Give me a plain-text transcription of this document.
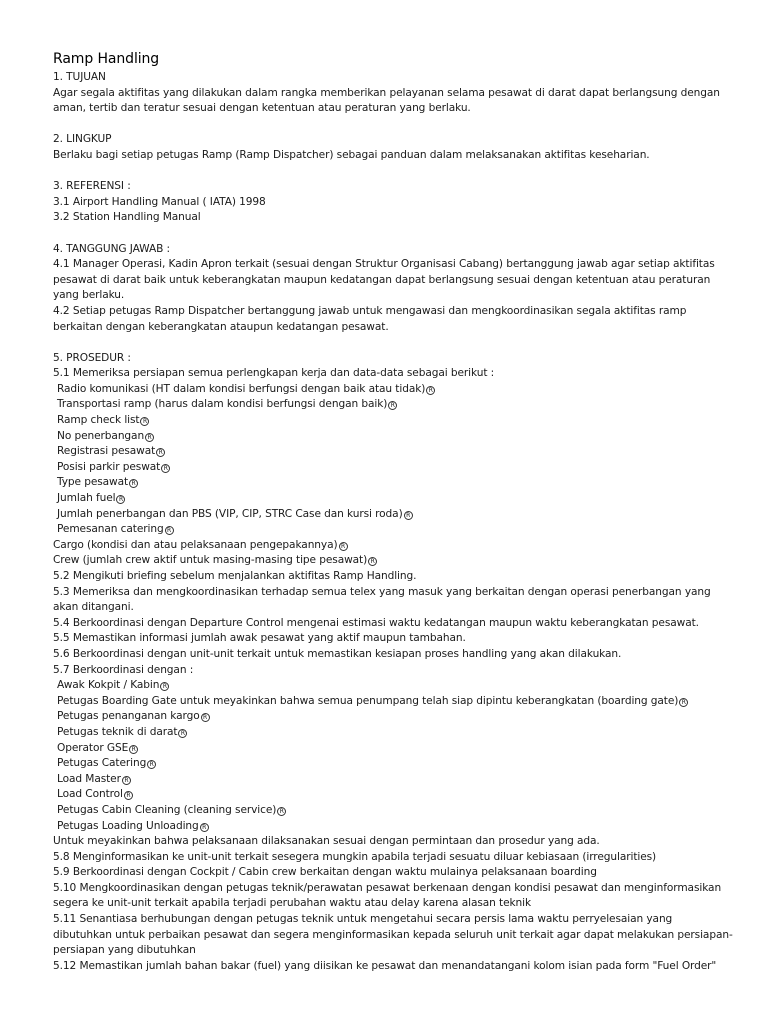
Ramp Handling
1. TUJUAN
Agar segala aktifitas yang dilakukan dalam rangka memberikan pelayanan selama pesawat di darat dapat berlangsung dengan aman, tertib dan teratur sesuai dengan ketentuan atau peraturan yang berlaku.
2. LINGKUP
Berlaku bagi setiap petugas Ramp (Ramp Dispatcher) sebagai panduan dalam melaksanakan aktifitas keseharian.
3. REFERENSI :
3.1 Airport Handling Manual ( IATA) 1998
3.2 Station Handling Manual
4. TANGGUNG JAWAB :
4.1 Manager Operasi, Kadin Apron terkait (sesuai dengan Struktur Organisasi Cabang) bertanggung jawab agar setiap aktifitas pesawat di darat baik untuk keberangkatan maupun kedatangan dapat berlangsung sesuai dengan ketentuan atau peraturan yang berlaku.
4.2 Setiap petugas Ramp Dispatcher bertanggung jawab untuk mengawasi dan mengkoordinasikan segala aktifitas ramp berkaitan dengan keberangkatan ataupun kedatangan pesawat.
5. PROSEDUR :
5.1 Memeriksa persiapan semua perlengkapan kerja dan data-data sebagai berikut :
Radio komunikasi (HT dalam kondisi berfungsi dengan baik atau tidak)R
Transportasi ramp (harus dalam kondisi berfungsi dengan baik)R
Ramp check listR
No penerbanganR
Registrasi pesawatR
Posisi parkir peswatR
Type pesawatR
Jumlah fuelR
Jumlah penerbangan dan PBS (VIP, CIP, STRC Case dan kursi roda)R
Pemesanan cateringR
Cargo (kondisi dan atau pelaksanaan pengepakannya)R
Crew (jumlah crew aktif untuk masing-masing tipe pesawat)R
5.2 Mengikuti briefing sebelum menjalankan aktifitas Ramp Handling.
5.3 Memeriksa dan mengkoordinasikan terhadap semua telex yang masuk yang berkaitan dengan operasi penerbangan yang akan ditangani.
5.4 Berkoordinasi dengan Departure Control mengenai estimasi waktu kedatangan maupun waktu keberangkatan pesawat.
5.5 Memastikan informasi jumlah awak pesawat yang aktif maupun tambahan.
5.6 Berkoordinasi dengan unit-unit terkait untuk memastikan kesiapan proses handling yang akan dilakukan.
5.7 Berkoordinasi dengan :
Awak Kokpit / KabinR
Petugas Boarding Gate untuk meyakinkan bahwa semua penumpang telah siap dipintu keberangkatan (boarding gate)R
Petugas penanganan kargoR
Petugas teknik di daratR
Operator GSER
Petugas CateringR
Load MasterR
Load ControlR
Petugas Cabin Cleaning (cleaning service)R
Petugas Loading UnloadingR
Untuk meyakinkan bahwa pelaksanaan dilaksanakan sesuai dengan permintaan dan prosedur yang ada.
5.8 Menginformasikan ke unit-unit terkait sesegera mungkin apabila terjadi sesuatu diluar kebiasaan (irregularities)
5.9 Berkoordinasi dengan Cockpit / Cabin crew berkaitan dengan waktu mulainya pelaksanaan boarding
5.10 Mengkoordinasikan dengan petugas teknik/perawatan pesawat berkenaan dengan kondisi pesawat dan menginformasikan segera ke unit-unit terkait apabila terjadi perubahan waktu atau delay karena alasan teknik
5.11 Senantiasa berhubungan dengan petugas teknik untuk mengetahui secara persis lama waktu perryelesaian yang dibutuhkan untuk perbaikan pesawat dan segera menginformasikan kepada seluruh unit terkait agar dapat melakukan persiapan-persiapan yang dibutuhkan
5.12 Memastikan jumlah bahan bakar (fuel) yang diisikan ke pesawat dan menandatangani kolom isian pada form "Fuel Order"
